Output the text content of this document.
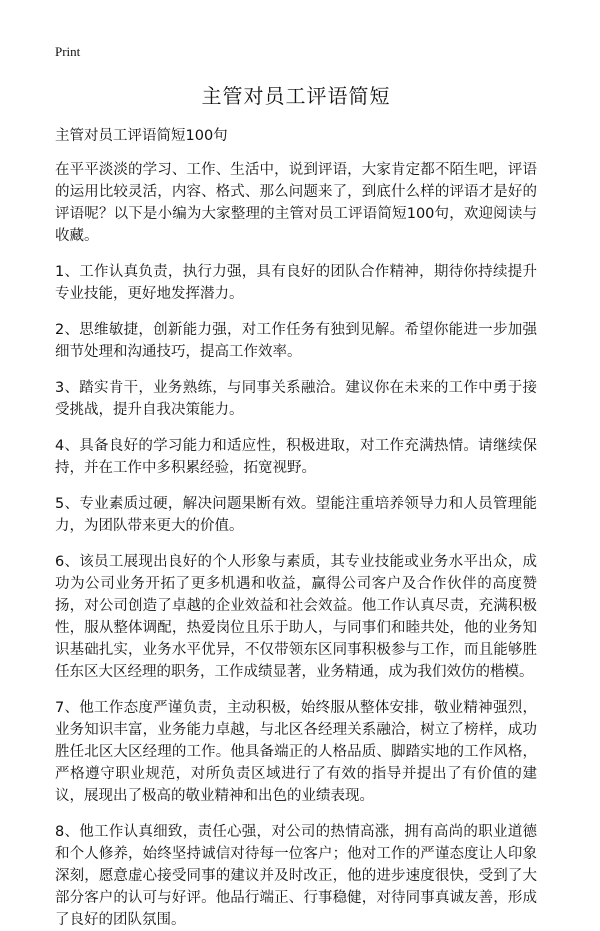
Print
主管对员工评语简短

主管对员工评语简短100句

在平平淡淡的学习、工作、生活中，说到评语，大家肯定都不陌生吧，评语的运用比较灵活，内容、格式、那么问题来了，到底什么样的评语才是好的评语呢？以下是小编为大家整理的主管对员工评语简短100句，欢迎阅读与收藏。

1、工作认真负责，执行力强，具有良好的团队合作精神，期待你持续提升专业技能，更好地发挥潜力。

2、思维敏捷，创新能力强，对工作任务有独到见解。希望你能进一步加强细节处理和沟通技巧，提高工作效率。

3、踏实肯干，业务熟练，与同事关系融洽。建议你在未来的工作中勇于接受挑战，提升自我决策能力。

4、具备良好的学习能力和适应性，积极进取，对工作充满热情。请继续保持，并在工作中多积累经验，拓宽视野。

5、专业素质过硬，解决问题果断有效。望能注重培养领导力和人员管理能力，为团队带来更大的价值。

6、该员工展现出良好的个人形象与素质，其专业技能或业务水平出众，成功为公司业务开拓了更多机遇和收益，赢得公司客户及合作伙伴的高度赞扬，对公司创造了卓越的企业效益和社会效益。他工作认真尽责，充满积极性，服从整体调配，热爱岗位且乐于助人，与同事们和睦共处，他的业务知识基础扎实，业务水平优异，不仅带领东区同事积极参与工作，而且能够胜任东区大区经理的职务，工作成绩显著，业务精通，成为我们效仿的楷模。

7、他工作态度严谨负责，主动积极，始终服从整体安排，敬业精神强烈，业务知识丰富，业务能力卓越，与北区各经理关系融洽，树立了榜样，成功胜任北区大区经理的工作。他具备端正的人格品质、脚踏实地的工作风格，严格遵守职业规范，对所负责区域进行了有效的指导并提出了有价值的建议，展现出了极高的敬业精神和出色的业绩表现。

8、他工作认真细致，责任心强，对公司的热情高涨，拥有高尚的职业道德和个人修养，始终坚持诚信对待每一位客户；他对工作的严谨态度让人印象深刻，愿意虚心接受同事的建议并及时改正，他的进步速度很快，受到了大部分客户的认可与好评。他品行端正、行事稳健，对待同事真诚友善，形成了良好的团队氛围。
